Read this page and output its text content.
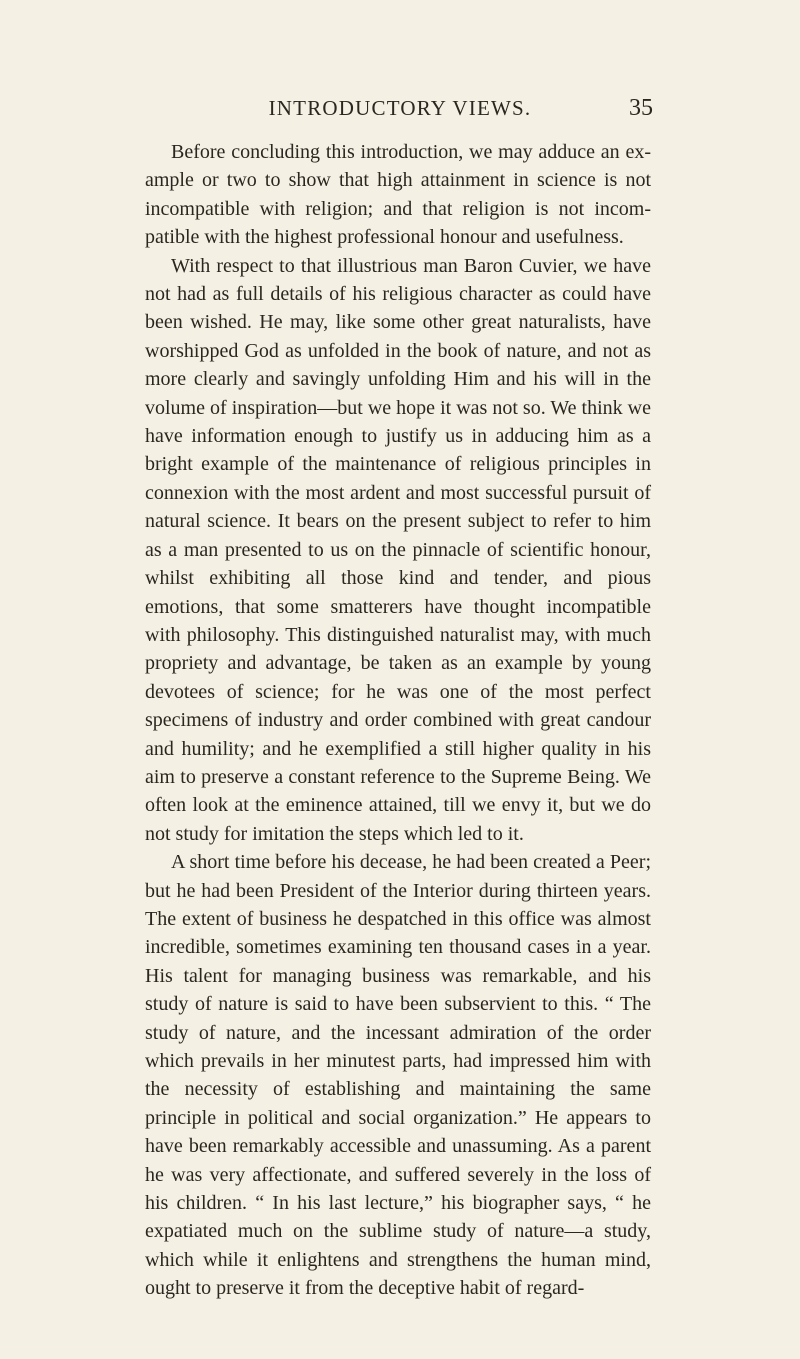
INTRODUCTORY VIEWS.	35

Before concluding this introduction, we may adduce an example or two to show that high attainment in science is not incompatible with religion; and that religion is not incompatible with the highest professional honour and usefulness.

With respect to that illustrious man Baron Cuvier, we have not had as full details of his religious character as could have been wished. He may, like some other great naturalists, have worshipped God as unfolded in the book of nature, and not as more clearly and savingly unfolding Him and his will in the volume of inspiration—but we hope it was not so. We think we have information enough to justify us in adducing him as a bright example of the maintenance of religious principles in connexion with the most ardent and most successful pursuit of natural science. It bears on the present subject to refer to him as a man presented to us on the pinnacle of scientific honour, whilst exhibiting all those kind and tender, and pious emotions, that some smatterers have thought incompatible with philosophy. This distinguished naturalist may, with much propriety and advantage, be taken as an example by young devotees of science; for he was one of the most perfect specimens of industry and order combined with great candour and humility; and he exemplified a still higher quality in his aim to preserve a constant reference to the Supreme Being. We often look at the eminence attained, till we envy it, but we do not study for imitation the steps which led to it.

A short time before his decease, he had been created a Peer; but he had been President of the Interior during thirteen years. The extent of business he despatched in this office was almost incredible, sometimes examining ten thousand cases in a year. His talent for managing business was remarkable, and his study of nature is said to have been subservient to this. “ The study of nature, and the incessant admiration of the order which prevails in her minutest parts, had impressed him with the necessity of establishing and maintaining the same principle in political and social organization.” He appears to have been remarkably accessible and unassuming. As a parent he was very affectionate, and suffered severely in the loss of his children. “ In his last lecture,” his biographer says, “ he expatiated much on the sublime study of nature—a study, which while it enlightens and strengthens the human mind, ought to preserve it from the deceptive habit of regard-
